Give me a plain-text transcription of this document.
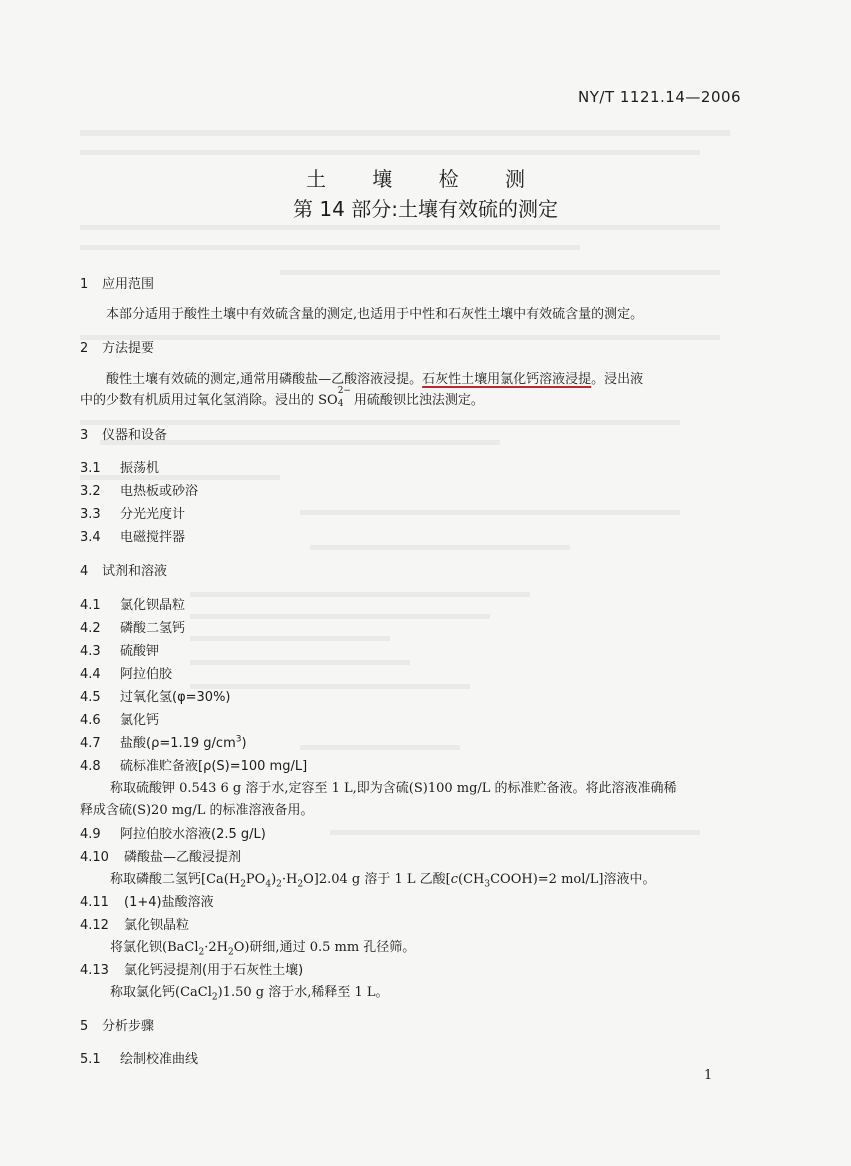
NY/T 1121.14—2006
土 壤 检 测
第 14 部分:土壤有效硫的测定
1 应用范围
本部分适用于酸性土壤中有效硫含量的测定,也适用于中性和石灰性土壤中有效硫含量的测定。
2 方法提要
酸性土壤有效硫的测定,通常用磷酸盐—乙酸溶液浸提。石灰性土壤用氯化钙溶液浸提。浸出液
中的少数有机质用过氧化氢消除。浸出的 SO
2−
4 用硫酸钡比浊法测定。
3 仪器和设备
3.1 振荡机
3.2 电热板或砂浴
3.3 分光光度计
3.4 电磁搅拌器
4 试剂和溶液
4.1 氯化钡晶粒
4.2 磷酸二氢钙
4.3 硫酸钾
4.4 阿拉伯胶
4.5 过氧化氢(φ=30%)
4.6 氯化钙
4.7 盐酸(ρ=1.19 $g/cm^3$)
4.8 硫标准贮备液[ρ(S)=100 mg/L]
称取硫酸钾 0.543 6 g 溶于水,定容至 1 L,即为含硫(S)100 mg/L 的标准贮备液。将此溶液准确稀
释成含硫(S)20 mg/L 的标准溶液备用。
4.9 阿拉伯胶水溶液(2.5 g/L)
4.10 磷酸盐—乙酸浸提剂
称取磷酸二氢钙$[Ca(H_2PO_4)_2\cdot H_2O]2.04$ g 溶于 1 L 乙酸[$c(CH_3COOH)=2$ mol/L]溶液中。
4.11 (1+4)盐酸溶液
4.12 氯化钡晶粒
将氯化钡$(BaCl_2\cdot 2H_2O)$研细,通过 0.5 mm 孔径筛。
4.13 氯化钙浸提剂(用于石灰性土壤)
称取氯化钙(CaCl$_2$)1.50 g 溶于水,稀释至 1 L。
5 分析步骤
5.1 绘制校准曲线
1
